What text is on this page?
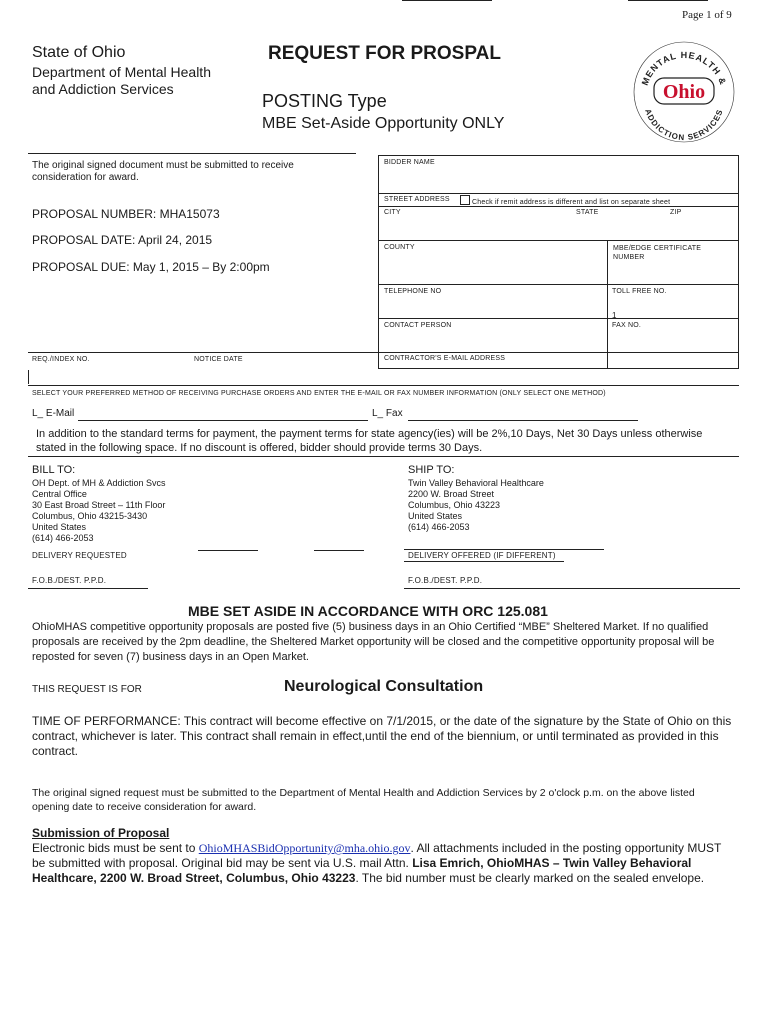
Page 1 of 9
State of Ohio
Department of Mental Health
and Addiction Services
REQUEST FOR PROSPAL
POSTING Type
MBE Set-Aside Opportunity ONLY
MENTAL HEALTH &
ADDICTION SERVICES
Ohio
The original signed document must be submitted to receive consideration for award.
PROPOSAL NUMBER: MHA15073
PROPOSAL DATE: April 24, 2015
PROPOSAL DUE: May 1, 2015 – By 2:00pm
REQ./INDEX NO.	NOTICE DATE
BIDDER NAME
STREET ADDRESS	Check if remit address is different and list on separate sheet
CITY	STATE	ZIP
COUNTY	MBE/EDGE CERTIFICATE NUMBER
TELEPHONE NO	TOLL FREE NO.
1
CONTACT PERSON	FAX NO.
CONTRACTOR'S E-MAIL ADDRESS
SELECT YOUR PREFERRED METHOD OF RECEIVING PURCHASE ORDERS AND ENTER THE E-MAIL OR FAX NUMBER INFORMATION (ONLY SELECT ONE METHOD)
L_ E-Mail	L_ Fax
In addition to the standard terms for payment, the payment terms for state agency(ies) will be 2%,10 Days, Net 30 Days unless otherwise stated in the following space. If no discount is offered, bidder should provide terms 30 Days.
BILL TO:
OH Dept. of MH & Addiction Svcs
Central Office
30 East Broad Street – 11th Floor
Columbus, Ohio 43215-3430
United States
(614) 466-2053
DELIVERY REQUESTED
F.O.B./DEST. P.P.D.
SHIP TO:
Twin Valley Behavioral Healthcare
2200 W. Broad Street
Columbus, Ohio 43223
United States
(614) 466-2053
DELIVERY OFFERED (IF DIFFERENT)
F.O.B./DEST. P.P.D.
MBE SET ASIDE IN ACCORDANCE WITH ORC 125.081
OhioMHAS competitive opportunity proposals are posted five (5) business days in an Ohio Certified “MBE” Sheltered Market. If no qualified proposals are received by the 2pm deadline, the Sheltered Market opportunity will be closed and the competitive opportunity proposal will be reposted for seven (7) business days in an Open Market.
THIS REQUEST IS FOR	Neurological Consultation
TIME OF PERFORMANCE: This contract will become effective on 7/1/2015, or the date of the signature by the State of Ohio on this contract, whichever is later. This contract shall remain in effect,until the end of the biennium, or until terminated as provided in this contract.
The original signed request must be submitted to the Department of Mental Health and Addiction Services by 2 o'clock p.m. on the above listed opening date to receive consideration for award.
Submission of Proposal
Electronic bids must be sent to OhioMHASBidOpportunity@mha.ohio.gov. All attachments included in the posting opportunity MUST be submitted with proposal. Original bid may be sent via U.S. mail Attn. Lisa Emrich, OhioMHAS – Twin Valley Behavioral Healthcare, 2200 W. Broad Street, Columbus, Ohio 43223. The bid number must be clearly marked on the sealed envelope.
